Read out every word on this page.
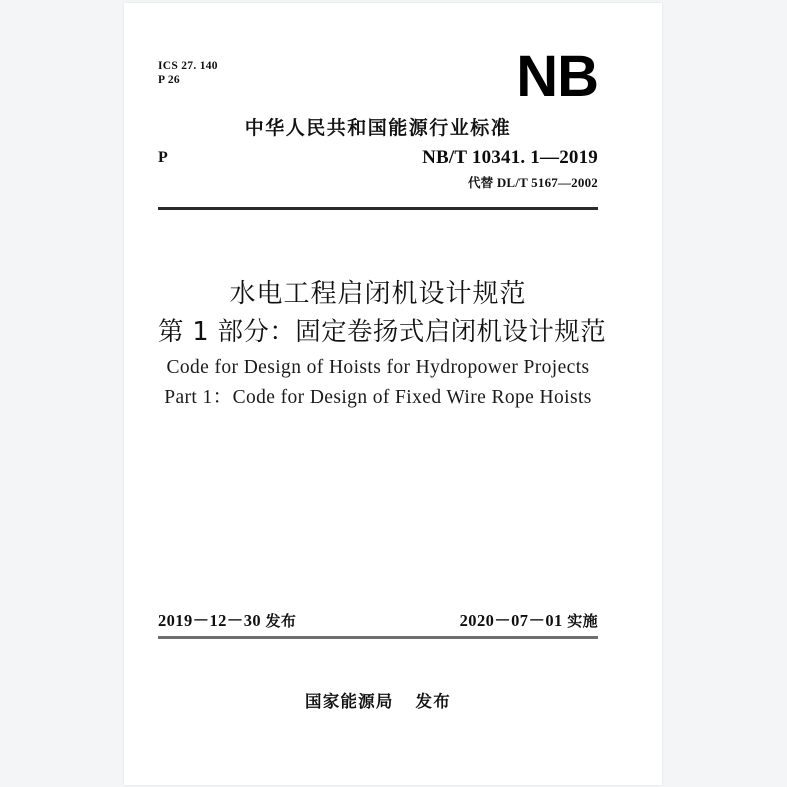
ICS 27. 140
P 26	NB
中华人民共和国能源行业标准
P	NB/T 10341. 1—2019
代替 DL/T 5167—2002
水电工程启闭机设计规范
第 1 部分：固定卷扬式启闭机设计规范
Code for Design of Hoists for Hydropower Projects
Part 1：Code for Design of Fixed Wire Rope Hoists
2019－12－30 发布	2020－07－01 实施
国家能源局 发布
